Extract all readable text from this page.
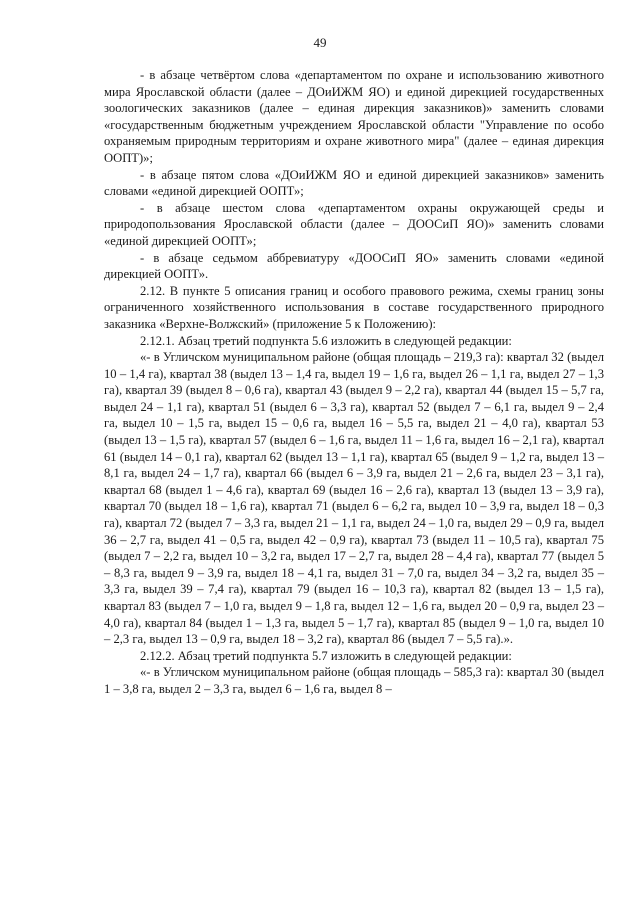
49

- в абзаце четвёртом слова «департаментом по охране и использованию животного мира Ярославской области (далее – ДОиИЖМ ЯО) и единой дирекцией государственных зоологических заказников (далее – единая дирекция заказников)» заменить словами «государственным бюджетным учреждением Ярославской области "Управление по особо охраняемым природным территориям и охране животного мира" (далее – единая дирекция ООПТ)»;

- в абзаце пятом слова «ДОиИЖМ ЯО и единой дирекцией заказников» заменить словами «единой дирекцией ООПТ»;

- в абзаце шестом слова «департаментом охраны окружающей среды и природопользования Ярославской области (далее – ДООСиП ЯО)» заменить словами «единой дирекцией ООПТ»;

- в абзаце седьмом аббревиатуру «ДООСиП ЯО» заменить словами «единой дирекцией ООПТ».

2.12. В пункте 5 описания границ и особого правового режима, схемы границ зоны ограниченного хозяйственного использования в составе государственного природного заказника «Верхне-Волжский» (приложение 5 к Положению):

2.12.1. Абзац третий подпункта 5.6 изложить в следующей редакции:

«- в Угличском муниципальном районе (общая площадь – 219,3 га): квартал 32 (выдел 10 – 1,4 га), квартал 38 (выдел 13 – 1,4 га, выдел 19 – 1,6 га, выдел 26 – 1,1 га, выдел 27 – 1,3 га), квартал 39 (выдел 8 – 0,6 га), квартал 43 (выдел 9 – 2,2 га), квартал 44 (выдел 15 – 5,7 га, выдел 24 – 1,1 га), квартал 51 (выдел 6 – 3,3 га), квартал 52 (выдел 7 – 6,1 га, выдел 9 – 2,4 га, выдел 10 – 1,5 га, выдел 15 – 0,6 га, выдел 16 – 5,5 га, выдел 21 – 4,0 га), квартал 53 (выдел 13 – 1,5 га), квартал 57 (выдел 6 – 1,6 га, выдел 11 – 1,6 га, выдел 16 – 2,1 га), квартал 61 (выдел 14 – 0,1 га), квартал 62 (выдел 13 – 1,1 га), квартал 65 (выдел 9 – 1,2 га, выдел 13 – 8,1 га, выдел 24 – 1,7 га), квартал 66 (выдел 6 – 3,9 га, выдел 21 – 2,6 га, выдел 23 – 3,1 га), квартал 68 (выдел 1 – 4,6 га), квартал 69 (выдел 16 – 2,6 га), квартал 13 (выдел 13 – 3,9 га), квартал 70 (выдел 18 – 1,6 га), квартал 71 (выдел 6 – 6,2 га, выдел 10 – 3,9 га, выдел 18 – 0,3 га), квартал 72 (выдел 7 – 3,3 га, выдел 21 – 1,1 га, выдел 24 – 1,0 га, выдел 29 – 0,9 га, выдел 36 – 2,7 га, выдел 41 – 0,5 га, выдел 42 – 0,9 га), квартал 73 (выдел 11 – 10,5 га), квартал 75 (выдел 7 – 2,2 га, выдел 10 – 3,2 га, выдел 17 – 2,7 га, выдел 28 – 4,4 га), квартал 77 (выдел 5 – 8,3 га, выдел 9 – 3,9 га, выдел 18 – 4,1 га, выдел 31 – 7,0 га, выдел 34 – 3,2 га, выдел 35 – 3,3 га, выдел 39 – 7,4 га), квартал 79 (выдел 16 – 10,3 га), квартал 82 (выдел 13 – 1,5 га), квартал 83 (выдел 7 – 1,0 га, выдел 9 – 1,8 га, выдел 12 – 1,6 га, выдел 20 – 0,9 га, выдел 23 – 4,0 га), квартал 84 (выдел 1 – 1,3 га, выдел 5 – 1,7 га), квартал 85 (выдел 9 – 1,0 га, выдел 10 – 2,3 га, выдел 13 – 0,9 га, выдел 18 – 3,2 га), квартал 86 (выдел 7 – 5,5 га).».

2.12.2. Абзац третий подпункта 5.7 изложить в следующей редакции:

«- в Угличском муниципальном районе (общая площадь – 585,3 га): квартал 30 (выдел 1 – 3,8 га, выдел 2 – 3,3 га, выдел 6 – 1,6 га, выдел 8 –
